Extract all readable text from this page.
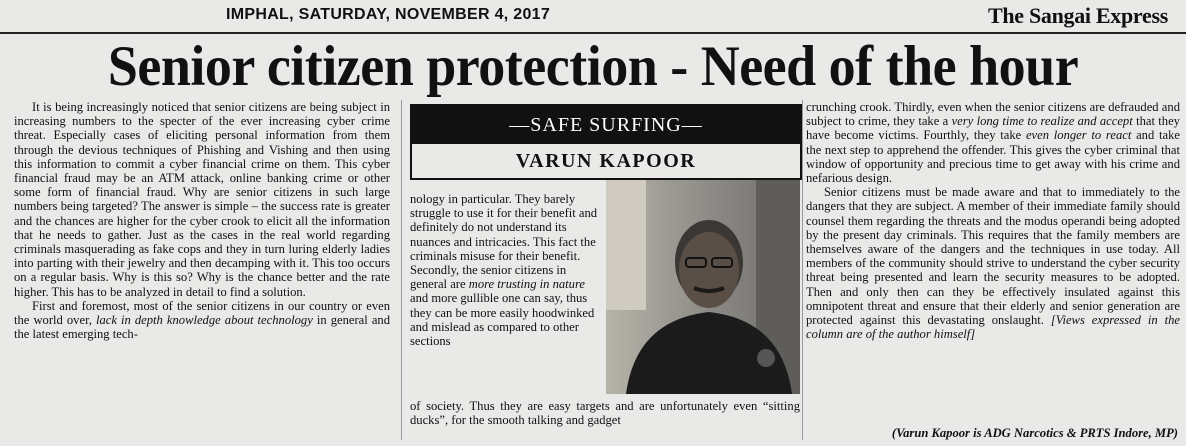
IMPHAL, SATURDAY, NOVEMBER 4, 2017	The Sangai Express
Senior citizen protection - Need of the hour

It is being increasingly noticed that senior citizens are being subject in increasing numbers to the specter of the ever increasing cyber crime threat. Especially cases of eliciting personal information from them through the devious techniques of Phishing and Vishing and then using this information to commit a cyber financial crime on them. This cyber financial fraud may be an ATM attack, online banking crime or other some form of financial fraud. Why are senior citizens in such large numbers being targeted? The answer is simple – the success rate is greater and the chances are higher for the cyber crook to elicit all the information that he needs to gather. Just as the cases in the real world regarding criminals masquerading as fake cops and they in turn luring elderly ladies into parting with their jewelry and then decamping with it. This too occurs on a regular basis. Why is this so? Why is the chance better and the rate higher. This has to be analyzed in detail to find a solution.

First and foremost, most of the senior citizens in our country or even the world over, lack in depth knowledge about technology in general and the latest emerging tech-

—SAFE SURFING—
VARUN KAPOOR

nology in particular. They barely struggle to use it for their benefit and definitely do not understand its nuances and intricacies. This fact the criminals misuse for their benefit. Secondly, the senior citizens in general are more trusting in nature and more gullible one can say, thus they can be more easily hoodwinked and mislead as compared to other sections

of society. Thus they are easy targets and are unfortunately even “sitting ducks”, for the smooth talking and gadget

crunching crook. Thirdly, even when the senior citizens are defrauded and subject to crime, they take a very long time to realize and accept that they have become victims. Fourthly, they take even longer to react and take the next step to apprehend the offender. This gives the cyber criminal that window of opportunity and precious time to get away with his crime and nefarious design.

Senior citizens must be made aware and that to immediately to the dangers that they are subject. A member of their immediate family should counsel them regarding the threats and the modus operandi being adopted by the present day criminals. This requires that the family members are themselves aware of the dangers and the techniques in use today. All members of the community should strive to understand the cyber security threat being presented and learn the security measures to be adopted. Then and only then can they be effectively insulated against this omnipotent threat and ensure that their elderly and senior generation are protected against this devastating onslaught. [Views expressed in the column are of the author himself]

(Varun Kapoor is ADG Narcotics & PRTS Indore, MP)
